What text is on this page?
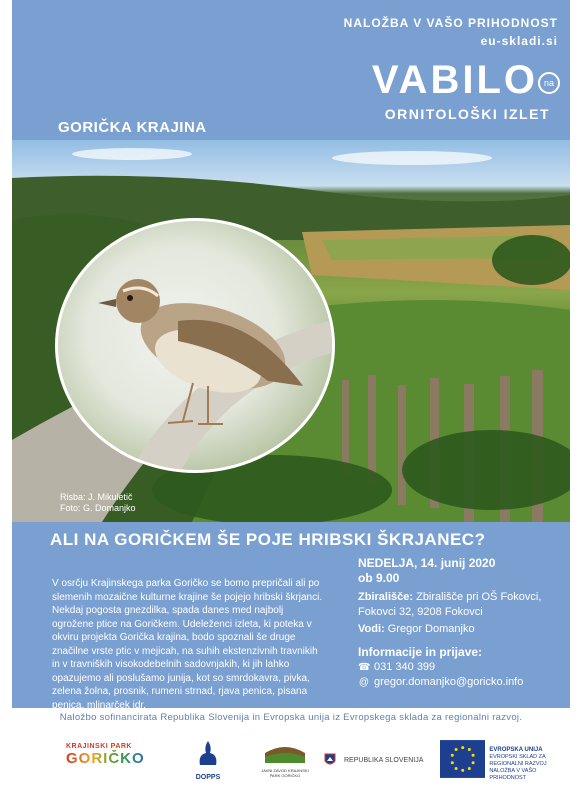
NALOŽBA V VAŠO PRIHODNOST
eu-skladi.si
VABILO na
ORNITOLOŠKI IZLET
GORIČKA KRAJINA
Risba: J. Mikuletič
Foto: G. Domanjko
ALI NA GORIČKEM ŠE POJE HRIBSKI ŠKRJANEC?
V osrčju Krajinskega parka Goričko se bomo prepričali ali po slemenih mozaične kulturne krajine še pojejo hribski škrjanci. Nekdaj pogosta gnezdilka, spada danes med najbolj ogrožene ptice na Goričkem. Udeleženci izleta, ki poteka v okviru projekta Gorička krajina, bodo spoznali še druge značilne vrste ptic v mejicah, na suhih ekstenzivnih travnikih in v travniških visokodebelnih sadovnjakih, ki jih lahko opazujemo ali poslušamo junija, kot so smrdokavra, pivka, zelena žolna, prosnik, rumeni strnad, rjava penica, pisana penica, mlinarček idr.
NEDELJA, 14. junij 2020
ob 9.00
Zbirališče: Zbirališče pri OŠ Fokovci, Fokovci 32, 9208 Fokovci
Vodi: Gregor Domanjko
Informacije in prijave:
☎ 031 340 399
@ gregor.domanjko@goricko.info
Naložbo sofinancirata Republika Slovenija in Evropska unija iz Evropskega sklada za regionalni razvoj.
KRAJINSKI PARK
GORIČKO
DOPPS
JAVNI ZAVOD KRAJINSKI PARK GORIČKO
REPUBLIKA SLOVENIJA
EVROPSKA UNIJA
EVROPSKI SKLAD ZA
REGIONALNI RAZVOJ
NALOŽBA V VAŠO PRIHODNOST
